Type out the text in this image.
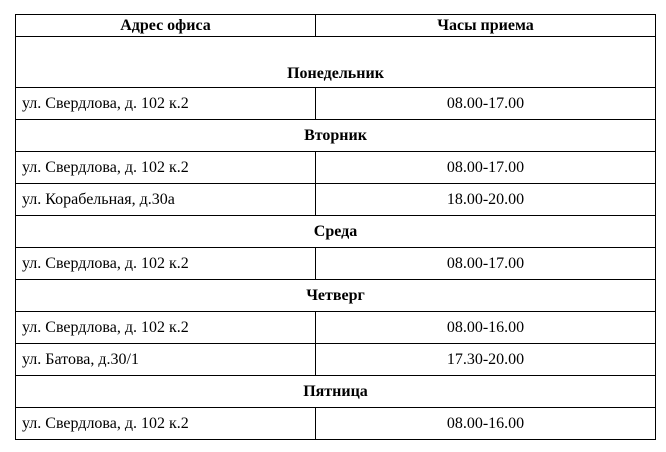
Адрес офиса	Часы приема
Понедельник	
ул. Свердлова, д. 102 к.2	08.00-17.00
Вторник	
ул. Свердлова, д. 102 к.2	08.00-17.00
ул. Корабельная, д.30а	18.00-20.00
Среда	
ул. Свердлова, д. 102 к.2	08.00-17.00
Четверг	
ул. Свердлова, д. 102 к.2	08.00-16.00
ул. Батова, д.30/1	17.30-20.00
Пятница	
ул. Свердлова, д. 102 к.2	08.00-16.00
